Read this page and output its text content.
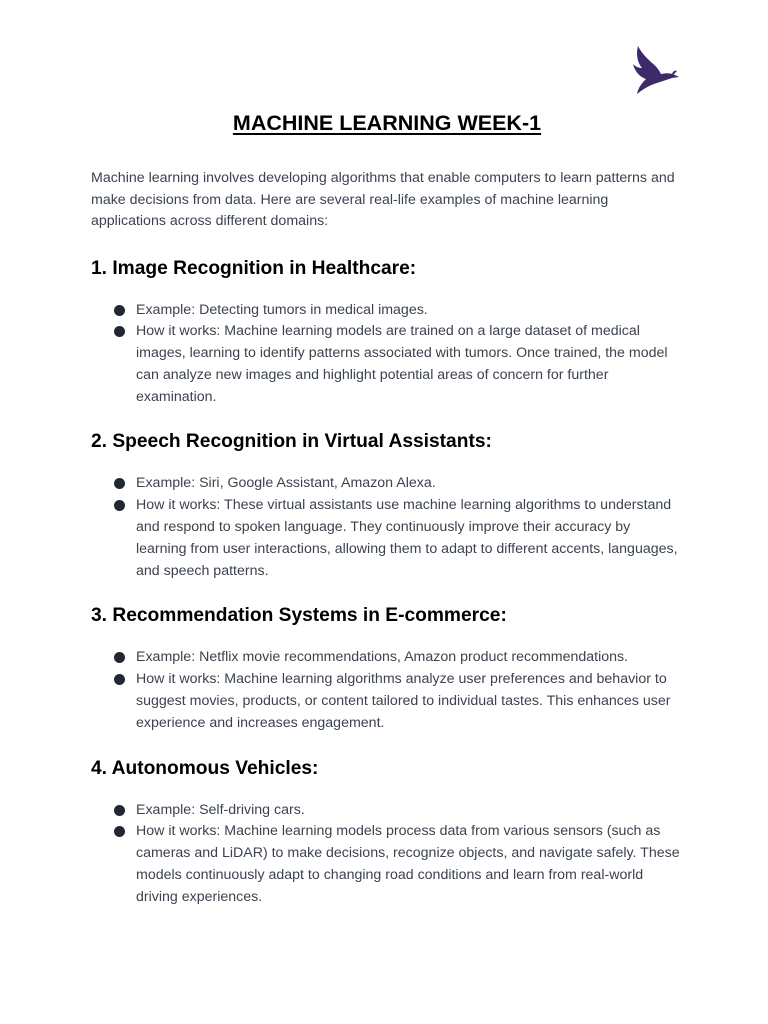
MACHINE LEARNING WEEK-1

Machine learning involves developing algorithms that enable computers to learn patterns and make decisions from data. Here are several real-life examples of machine learning applications across different domains:

1. Image Recognition in Healthcare:
Example: Detecting tumors in medical images.
How it works: Machine learning models are trained on a large dataset of medical images, learning to identify patterns associated with tumors. Once trained, the model can analyze new images and highlight potential areas of concern for further examination.
2. Speech Recognition in Virtual Assistants:
Example: Siri, Google Assistant, Amazon Alexa.
How it works: These virtual assistants use machine learning algorithms to understand and respond to spoken language. They continuously improve their accuracy by learning from user interactions, allowing them to adapt to different accents, languages, and speech patterns.
3. Recommendation Systems in E-commerce:
Example: Netflix movie recommendations, Amazon product recommendations.
How it works: Machine learning algorithms analyze user preferences and behavior to suggest movies, products, or content tailored to individual tastes. This enhances user experience and increases engagement.
4. Autonomous Vehicles:
Example: Self-driving cars.
How it works: Machine learning models process data from various sensors (such as cameras and LiDAR) to make decisions, recognize objects, and navigate safely. These models continuously adapt to changing road conditions and learn from real-world driving experiences.
